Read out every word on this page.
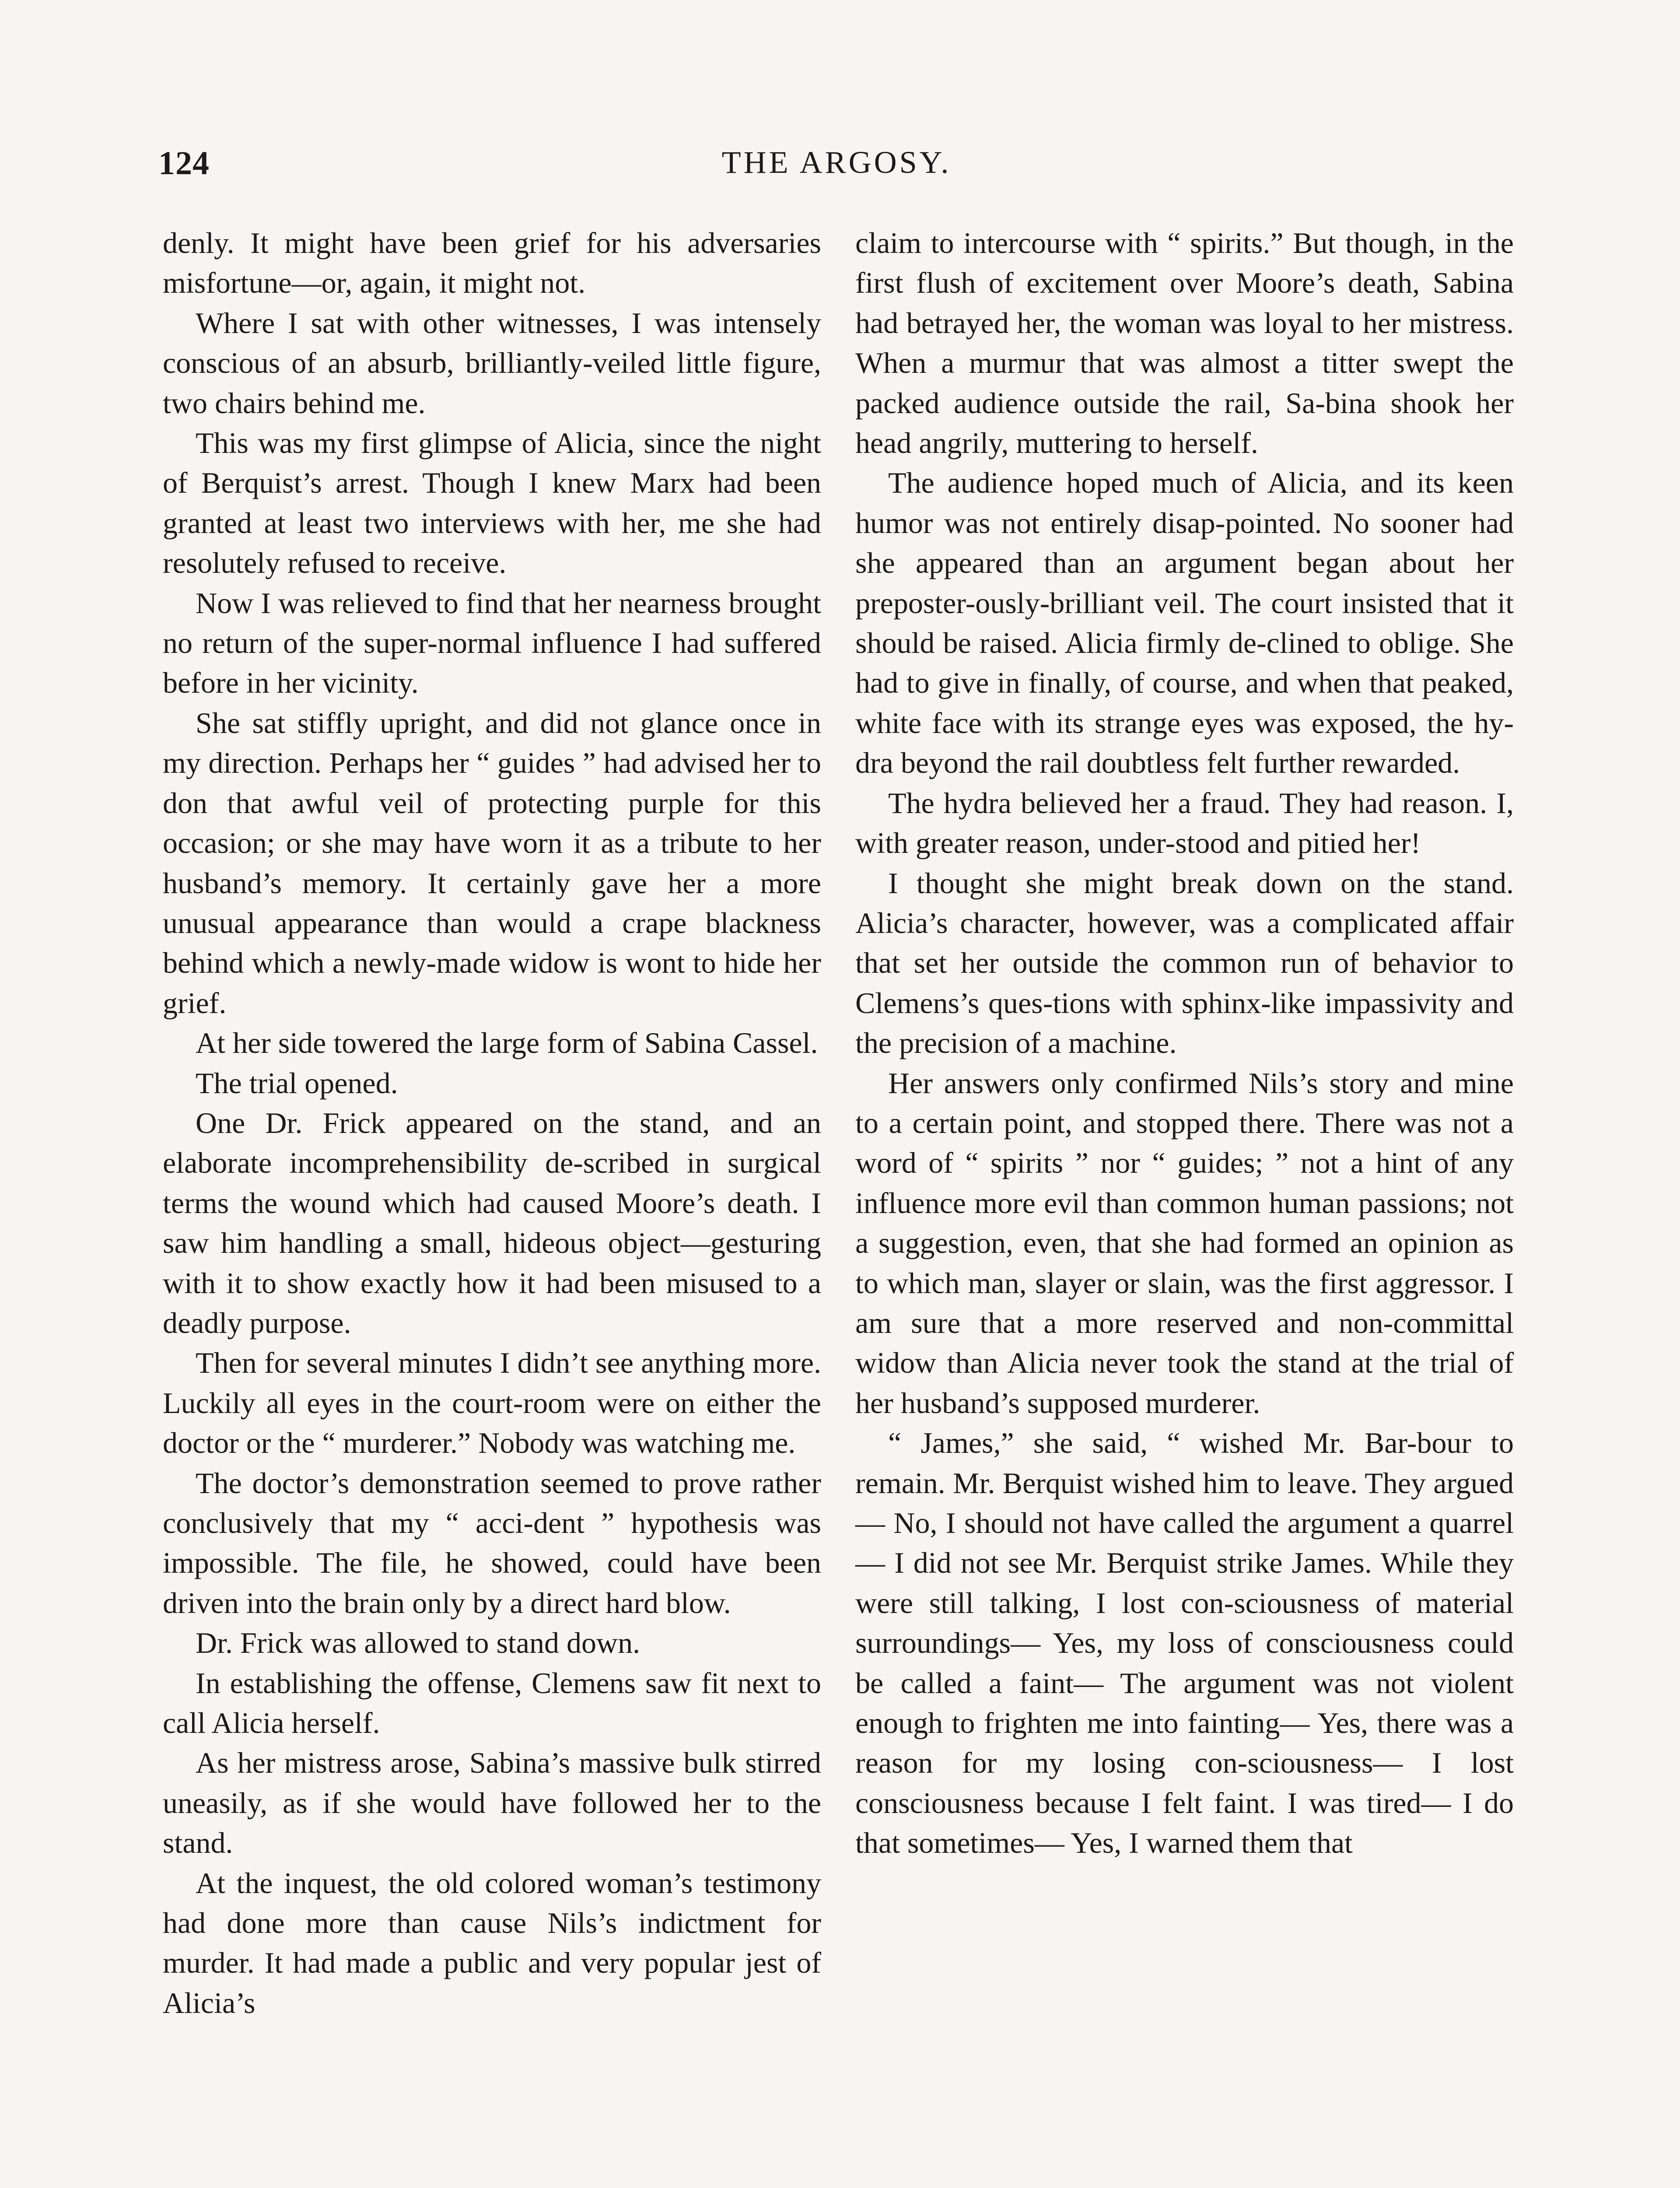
124	THE ARGOSY.

denly. It might have been grief for his adversaries misfortune—or, again, it might not.

Where I sat with other witnesses, I was intensely conscious of an absurb, brilliantly-veiled little figure, two chairs behind me.

This was my first glimpse of Alicia, since the night of Berquist’s arrest. Though I knew Marx had been granted at least two interviews with her, me she had resolutely refused to receive.

Now I was relieved to find that her nearness brought no return of the super-normal influence I had suffered before in her vicinity.

She sat stiffly upright, and did not glance once in my direction. Perhaps her “ guides ” had advised her to don that awful veil of protecting purple for this occasion; or she may have worn it as a tribute to her husband’s memory. It certainly gave her a more unusual appearance than would a crape blackness behind which a newly-made widow is wont to hide her grief.

At her side towered the large form of Sabina Cassel.

The trial opened.

One Dr. Frick appeared on the stand, and an elaborate incomprehensibility de-scribed in surgical terms the wound which had caused Moore’s death. I saw him handling a small, hideous object—gesturing with it to show exactly how it had been misused to a deadly purpose.

Then for several minutes I didn’t see anything more. Luckily all eyes in the court-room were on either the doctor or the “ murderer.” Nobody was watching me.

The doctor’s demonstration seemed to prove rather conclusively that my “ acci-dent ” hypothesis was impossible. The file, he showed, could have been driven into the brain only by a direct hard blow.

Dr. Frick was allowed to stand down.

In establishing the offense, Clemens saw fit next to call Alicia herself.

As her mistress arose, Sabina’s massive bulk stirred uneasily, as if she would have followed her to the stand.

At the inquest, the old colored woman’s testimony had done more than cause Nils’s indictment for murder. It had made a public and very popular jest of Alicia’s

claim to intercourse with “ spirits.” But though, in the first flush of excitement over Moore’s death, Sabina had betrayed her, the woman was loyal to her mistress. When a murmur that was almost a titter swept the packed audience outside the rail, Sa-bina shook her head angrily, muttering to herself.

The audience hoped much of Alicia, and its keen humor was not entirely disap-pointed. No sooner had she appeared than an argument began about her preposter-ously-brilliant veil. The court insisted that it should be raised. Alicia firmly de-clined to oblige. She had to give in finally, of course, and when that peaked, white face with its strange eyes was exposed, the hy-dra beyond the rail doubtless felt further rewarded.

The hydra believed her a fraud. They had reason. I, with greater reason, under-stood and pitied her!

I thought she might break down on the stand. Alicia’s character, however, was a complicated affair that set her outside the common run of behavior to Clemens’s ques-tions with sphinx-like impassivity and the precision of a machine.

Her answers only confirmed Nils’s story and mine to a certain point, and stopped there. There was not a word of “ spirits ” nor “ guides; ” not a hint of any influence more evil than common human passions; not a suggestion, even, that she had formed an opinion as to which man, slayer or slain, was the first aggressor. I am sure that a more reserved and non-committal widow than Alicia never took the stand at the trial of her husband’s supposed murderer.

“ James,” she said, “ wished Mr. Bar-bour to remain. Mr. Berquist wished him to leave. They argued— No, I should not have called the argument a quarrel— I did not see Mr. Berquist strike James. While they were still talking, I lost con-sciousness of material surroundings— Yes, my loss of consciousness could be called a faint— The argument was not violent enough to frighten me into fainting— Yes, there was a reason for my losing con-sciousness— I lost consciousness because I felt faint. I was tired— I do that sometimes— Yes, I warned them that
